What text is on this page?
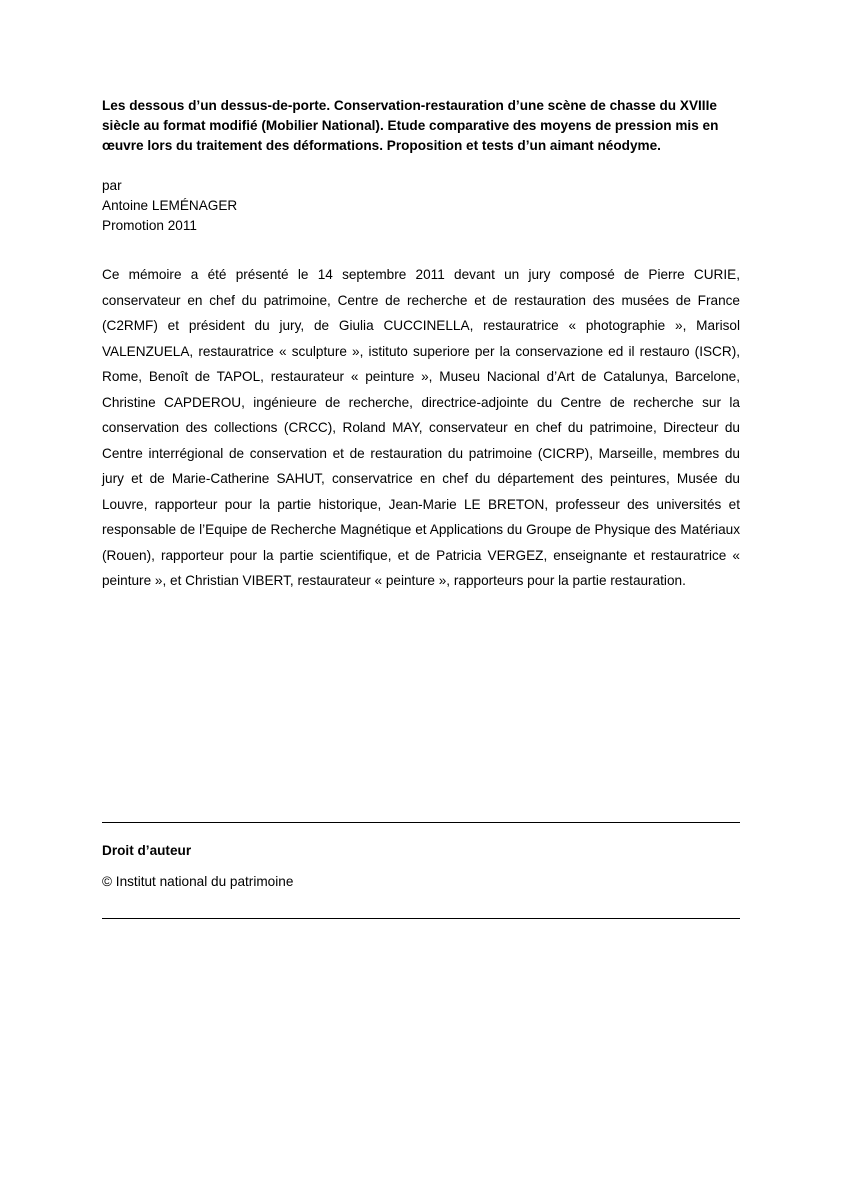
Les dessous d’un dessus-de-porte. Conservation-restauration d’une scène de chasse du XVIIIe siècle au format modifié (Mobilier National). Etude comparative des moyens de pression mis en œuvre lors du traitement des déformations. Proposition et tests d’un aimant néodyme.

par
Antoine LEMÉNAGER
Promotion 2011

Ce mémoire a été présenté le 14 septembre 2011 devant un jury composé de Pierre CURIE, conservateur en chef du patrimoine, Centre de recherche et de restauration des musées de France (C2RMF) et président du jury, de Giulia CUCCINELLA, restauratrice « photographie », Marisol VALENZUELA, restauratrice « sculpture », istituto superiore per la conservazione ed il restauro (ISCR), Rome, Benoît de TAPOL, restaurateur « peinture », Museu Nacional d’Art de Catalunya, Barcelone, Christine CAPDEROU, ingénieure de recherche, directrice-adjointe du Centre de recherche sur la conservation des collections (CRCC), Roland MAY, conservateur en chef du patrimoine, Directeur du Centre interrégional de conservation et de restauration du patrimoine (CICRP), Marseille, membres du jury et de Marie-Catherine SAHUT, conservatrice en chef du département des peintures, Musée du Louvre, rapporteur pour la partie historique, Jean-Marie LE BRETON, professeur des universités et responsable de l’Equipe de Recherche Magnétique et Applications du Groupe de Physique des Matériaux (Rouen), rapporteur pour la partie scientifique, et de Patricia VERGEZ, enseignante et restauratrice « peinture », et Christian VIBERT, restaurateur « peinture », rapporteurs pour la partie restauration.

Droit d’auteur
© Institut national du patrimoine
